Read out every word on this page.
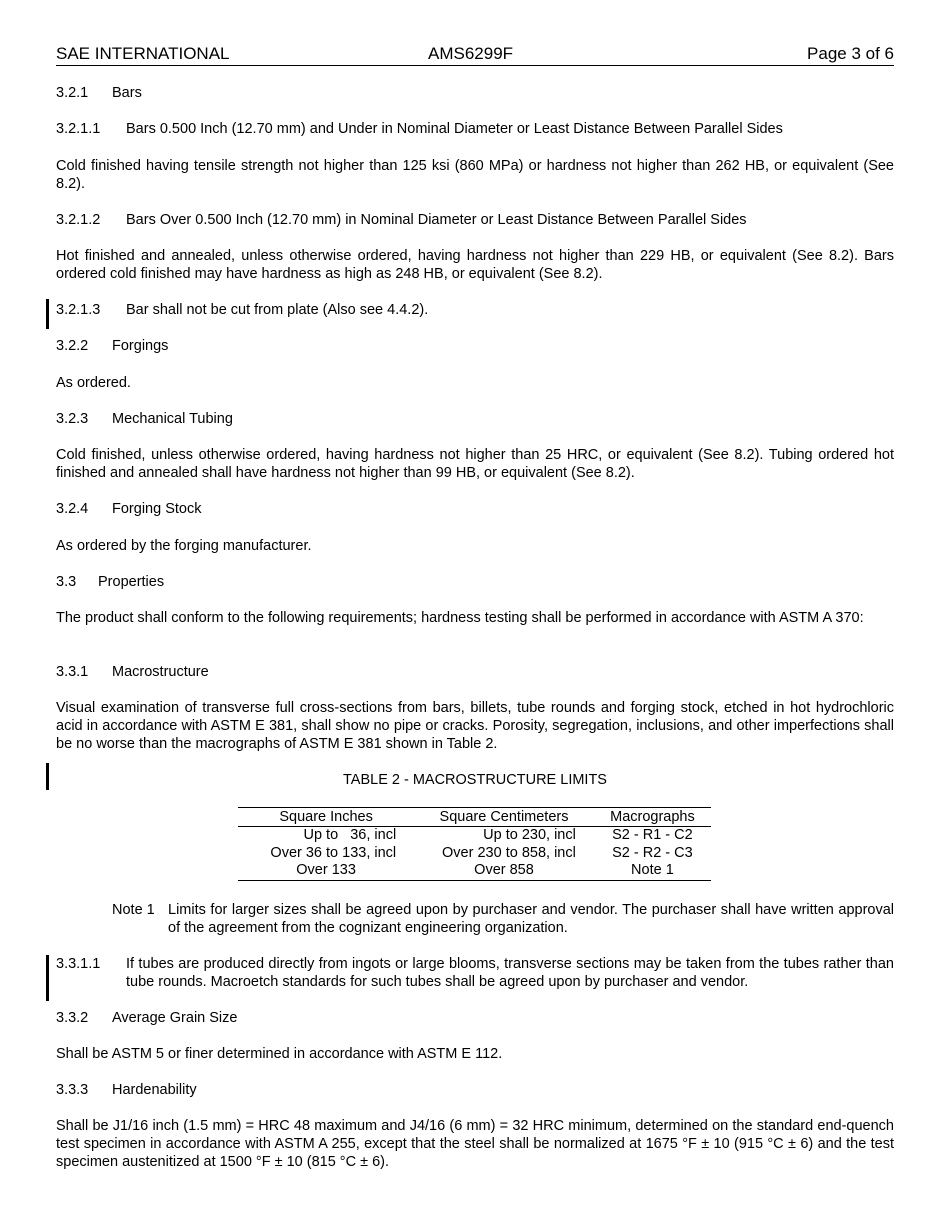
SAE INTERNATIONAL	AMS6299F	Page 3 of 6
3.2.1 Bars
3.2.1.1 Bars 0.500 Inch (12.70 mm) and Under in Nominal Diameter or Least Distance Between Parallel Sides
Cold finished having tensile strength not higher than 125 ksi (860 MPa) or hardness not higher than 262 HB, or equivalent (See 8.2).
3.2.1.2 Bars Over 0.500 Inch (12.70 mm) in Nominal Diameter or Least Distance Between Parallel Sides
Hot finished and annealed, unless otherwise ordered, having hardness not higher than 229 HB, or equivalent (See 8.2). Bars ordered cold finished may have hardness as high as 248 HB, or equivalent (See 8.2).
3.2.1.3 Bar shall not be cut from plate (Also see 4.4.2).
3.2.2 Forgings
As ordered.
3.2.3 Mechanical Tubing
Cold finished, unless otherwise ordered, having hardness not higher than 25 HRC, or equivalent (See 8.2). Tubing ordered hot finished and annealed shall have hardness not higher than 99 HB, or equivalent (See 8.2).
3.2.4 Forging Stock
As ordered by the forging manufacturer.
3.3 Properties
The product shall conform to the following requirements; hardness testing shall be performed in accordance with ASTM A 370:
3.3.1 Macrostructure
Visual examination of transverse full cross-sections from bars, billets, tube rounds and forging stock, etched in hot hydrochloric acid in accordance with ASTM E 381, shall show no pipe or cracks. Porosity, segregation, inclusions, and other imperfections shall be no worse than the macrographs of ASTM E 381 shown in Table 2.
TABLE 2 - MACROSTRUCTURE LIMITS
Square Inches	Square Centimeters	Macrographs
Up to   36, incl	Up to 230, incl	S2 - R1 - C2
Over 36 to 133, incl	Over 230 to 858, incl	S2 - R2 - C3
Over 133	Over 858	Note 1
Note 1 Limits for larger sizes shall be agreed upon by purchaser and vendor. The purchaser shall have written approval of the agreement from the cognizant engineering organization.
3.3.1.1 If tubes are produced directly from ingots or large blooms, transverse sections may be taken from the tubes rather than tube rounds. Macroetch standards for such tubes shall be agreed upon by purchaser and vendor.
3.3.2 Average Grain Size
Shall be ASTM 5 or finer determined in accordance with ASTM E 112.
3.3.3 Hardenability
Shall be J1/16 inch (1.5 mm) = HRC 48 maximum and J4/16 (6 mm) = 32 HRC minimum, determined on the standard end-quench test specimen in accordance with ASTM A 255, except that the steel shall be normalized at 1675 °F ± 10 (915 °C ± 6) and the test specimen austenitized at 1500 °F ± 10 (815 °C ± 6).
